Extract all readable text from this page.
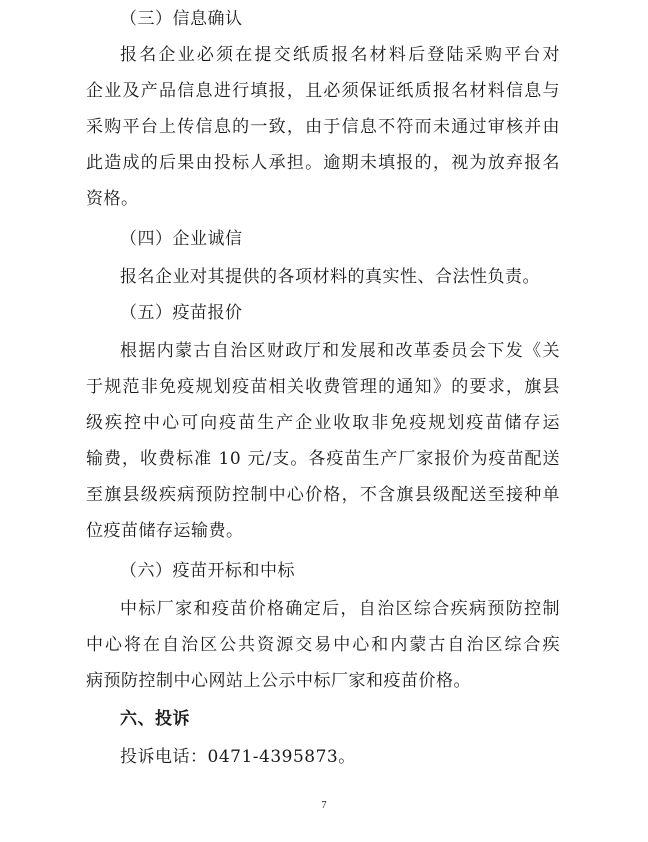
（三）信息确认
报名企业必须在提交纸质报名材料后登陆采购平台对
企业及产品信息进行填报，且必须保证纸质报名材料信息与
采购平台上传信息的一致，由于信息不符而未通过审核并由
此造成的后果由投标人承担。逾期未填报的，视为放弃报名
资格。
（四）企业诚信
报名企业对其提供的各项材料的真实性、合法性负责。
（五）疫苗报价
根据内蒙古自治区财政厅和发展和改革委员会下发《关
于规范非免疫规划疫苗相关收费管理的通知》的要求，旗县
级疾控中心可向疫苗生产企业收取非免疫规划疫苗储存运
输费，收费标准 10 元/支。各疫苗生产厂家报价为疫苗配送
至旗县级疾病预防控制中心价格，不含旗县级配送至接种单
位疫苗储存运输费。
（六）疫苗开标和中标
中标厂家和疫苗价格确定后，自治区综合疾病预防控制
中心将在自治区公共资源交易中心和内蒙古自治区综合疾
病预防控制中心网站上公示中标厂家和疫苗价格。
六、投诉
投诉电话：0471-4395873。
7
